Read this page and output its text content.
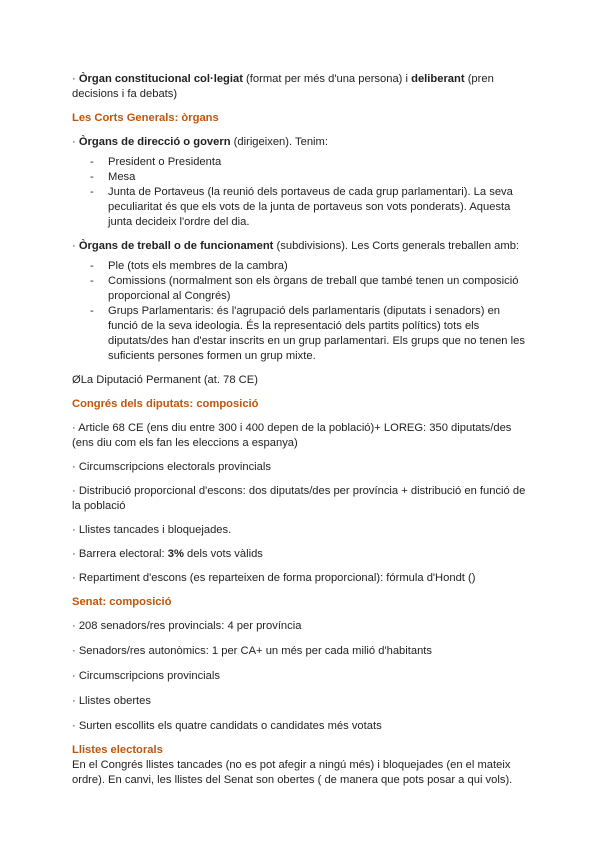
· Òrgan constitucional col·legiat (format per més d'una persona) i deliberant (pren decisions i fa debats)

Les Corts Generals: òrgans

· Òrgans de direcció o govern (dirigeixen). Tenim:

- President o Presidenta
- Mesa
- Junta de Portaveus (la reunió dels portaveus de cada grup parlamentari). La seva peculiaritat és que els vots de la junta de portaveus son vots ponderats). Aquesta junta decideix l'ordre del dia.

· Òrgans de treball o de funcionament (subdivisions). Les Corts generals treballen amb:

- Ple (tots els membres de la cambra)
- Comissions (normalment son els òrgans de treball que també tenen un composició proporcional al Congrés)
- Grups Parlamentaris: és l'agrupació dels parlamentaris (diputats i senadors) en funció de la seva ideologia. És la representació dels partits polítics) tots els diputats/des han d'estar inscrits en un grup parlamentari. Els grups que no tenen les suficients persones formen un grup mixte.

ØLa Diputació Permanent (at. 78 CE)

Congrés dels diputats: composició

· Article 68 CE (ens diu entre 300 i 400 depen de la població)+ LOREG: 350 diputats/des (ens diu com els fan les eleccions a espanya)

· Circumscripcions electorals provincials

· Distribució proporcional d'escons: dos diputats/des per província + distribució en funció de la població

· Llistes tancades i bloquejades.

· Barrera electoral: 3% dels vots vàlids

· Repartiment d'escons (es reparteixen de forma proporcional): fórmula d'Hondt ()

Senat: composició

· 208 senadors/res provincials: 4 per província

· Senadors/res autonòmics: 1 per CA+ un més per cada milió d'habitants

· Circumscripcions provincials

· Llistes obertes

· Surten escollits els quatre candidats o candidates més votats

Llistes electorals

En el Congrés llistes tancades (no es pot afegir a ningú més) i bloquejades (en el mateix ordre). En canvi, les llistes del Senat son obertes ( de manera que pots posar a qui vols).
